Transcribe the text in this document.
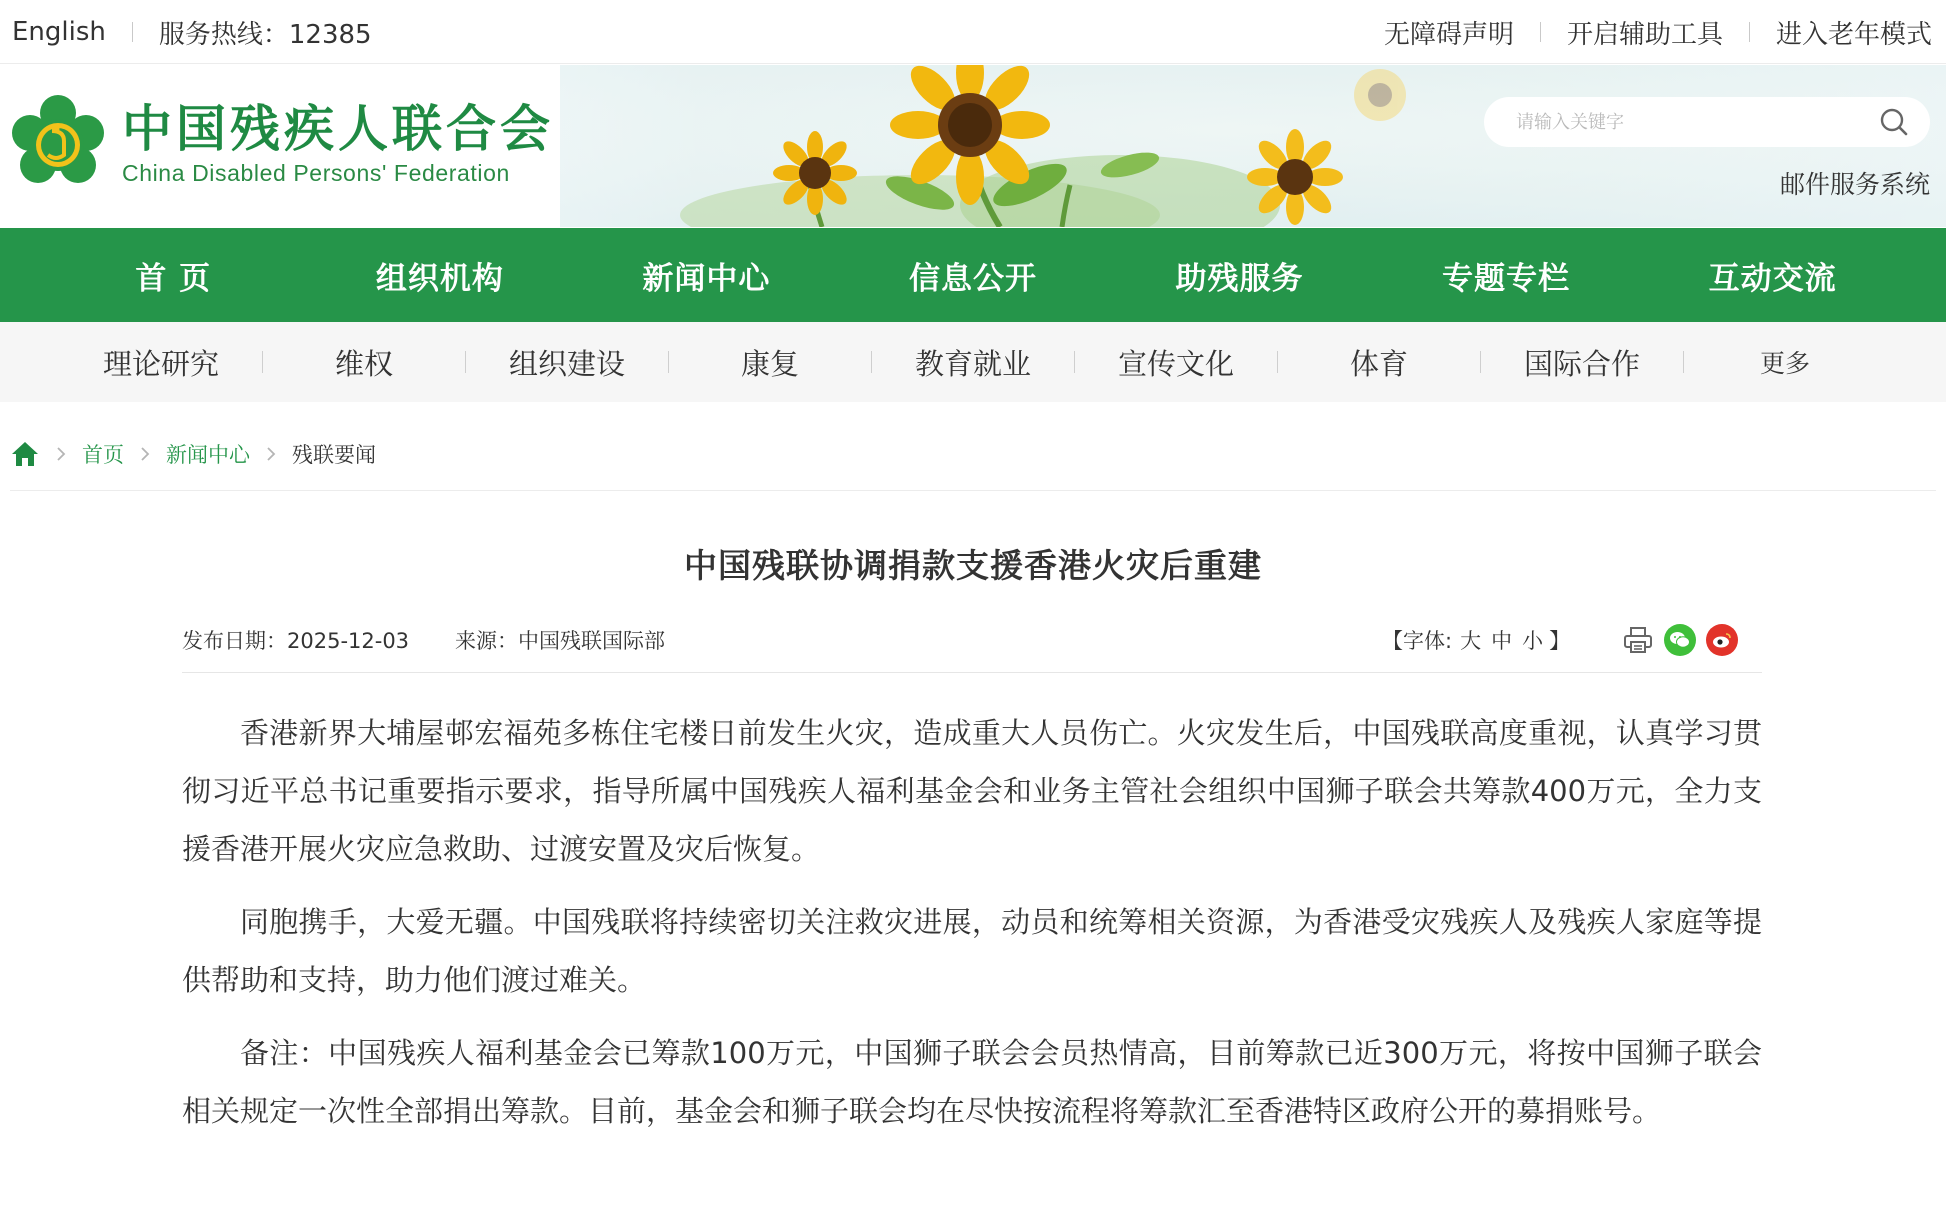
English 服务热线：12385	无障碍声明 开启辅助工具 进入老年模式
中国残疾人联合会
China Disabled Persons' Federation
请输入关键字	邮件服务系统
首 页	组织机构	新闻中心	信息公开	助残服务	专题专栏	互动交流
理论研究	维权	组织建设	康复	教育就业	宣传文化	体育	国际合作	更多
首页 新闻中心 残联要闻
中国残联协调捐款支援香港火灾后重建
发布日期：2025-12-03 来源：中国残联国际部	【字体: 大 中 小 】

香港新界大埔屋邨宏福苑多栋住宅楼日前发生火灾，造成重大人员伤亡。火灾发生后，中国残联高度重视，认真学习贯彻习近平总书记重要指示要求，指导所属中国残疾人福利基金会和业务主管社会组织中国狮子联会共筹款400万元，全力支援香港开展火灾应急救助、过渡安置及灾后恢复。

同胞携手，大爱无疆。中国残联将持续密切关注救灾进展，动员和统筹相关资源，为香港受灾残疾人及残疾人家庭等提供帮助和支持，助力他们渡过难关。

备注：中国残疾人福利基金会已筹款100万元，中国狮子联会会员热情高，目前筹款已近300万元，将按中国狮子联会相关规定一次性全部捐出筹款。目前，基金会和狮子联会均在尽快按流程将筹款汇至香港特区政府公开的募捐账号。
